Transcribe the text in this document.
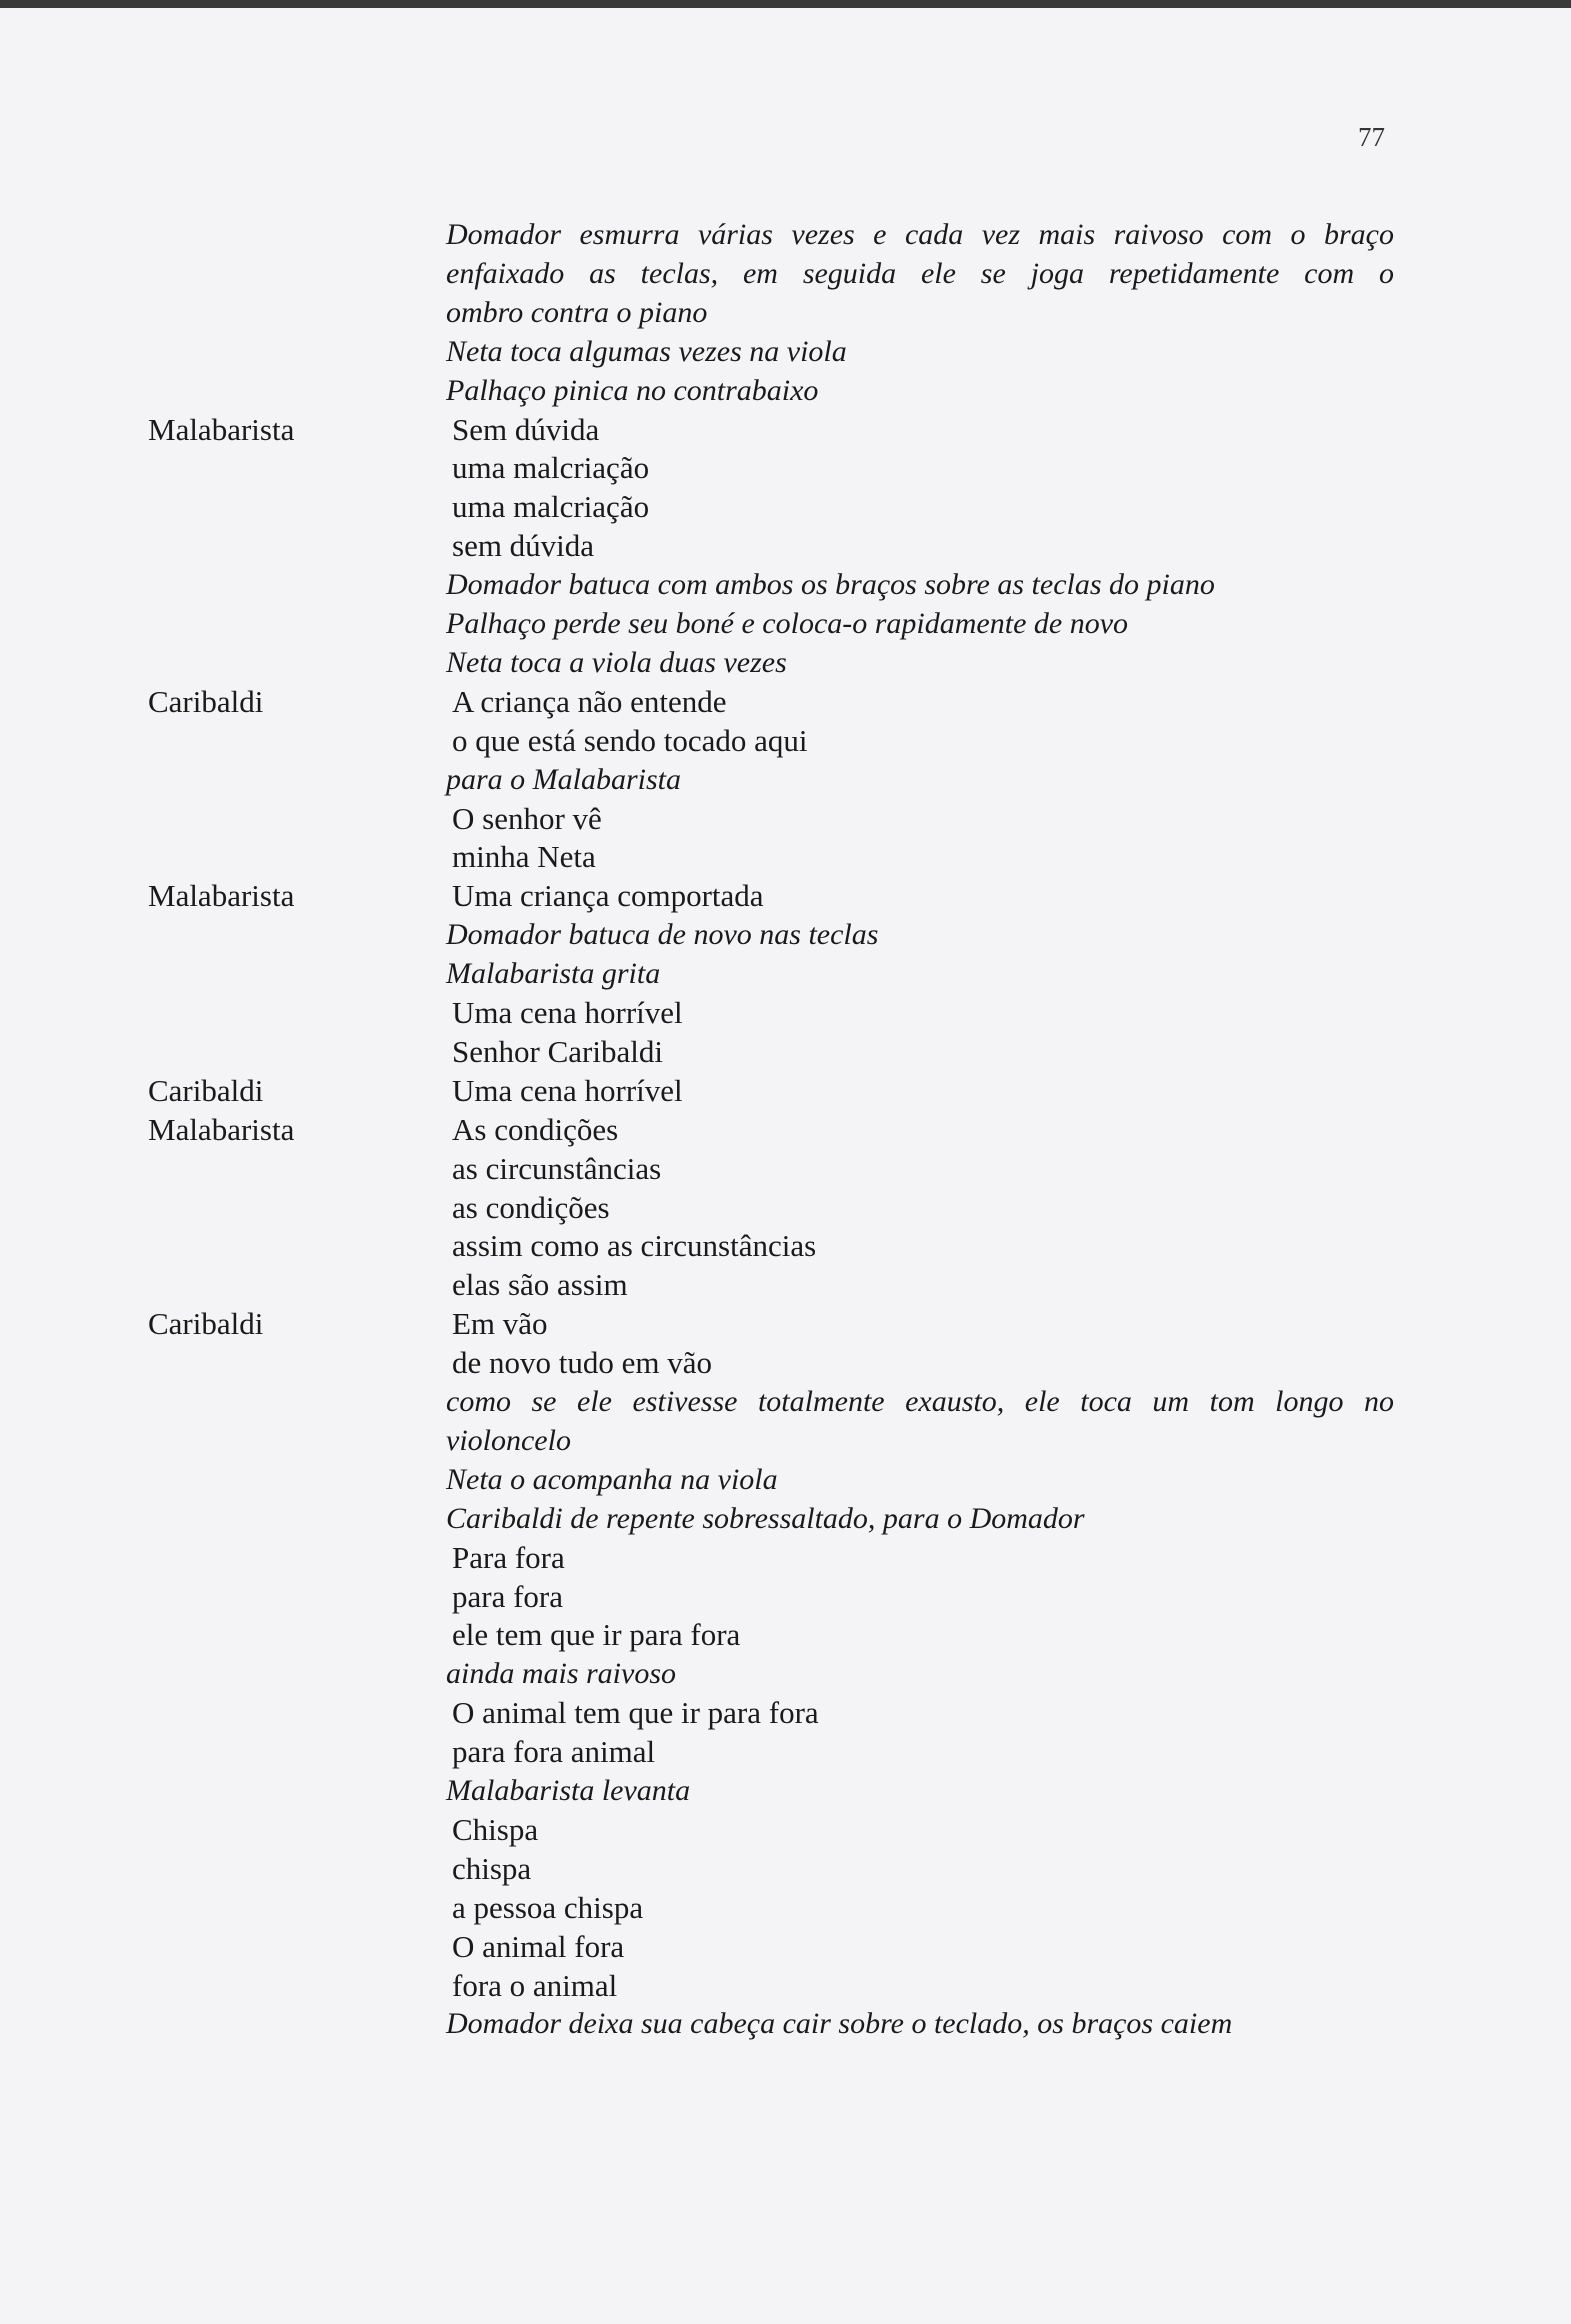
77
Domador esmurra várias vezes e cada vez mais raivoso com o braço
enfaixado as teclas, em seguida ele se joga repetidamente com o
ombro contra o piano
Neta toca algumas vezes na viola
Palhaço pinica no contrabaixo
Malabarista	Sem dúvida
uma malcriação
uma malcriação
sem dúvida
Domador batuca com ambos os braços sobre as teclas do piano
Palhaço perde seu boné e coloca-o rapidamente de novo
Neta toca a viola duas vezes
Caribaldi	A criança não entende
o que está sendo tocado aqui
para o Malabarista
O senhor vê
minha Neta
Malabarista	Uma criança comportada
Domador batuca de novo nas teclas
Malabarista grita
Uma cena horrível
Senhor Caribaldi
Caribaldi	Uma cena horrível
Malabarista	As condições
as circunstâncias
as condições
assim como as circunstâncias
elas são assim
Caribaldi	Em vão
de novo tudo em vão
como se ele estivesse totalmente exausto, ele toca um tom longo no
violoncelo
Neta o acompanha na viola
Caribaldi de repente sobressaltado, para o Domador
Para fora
para fora
ele tem que ir para fora
ainda mais raivoso
O animal tem que ir para fora
para fora animal
Malabarista levanta
Chispa
chispa
a pessoa chispa
O animal fora
fora o animal
Domador deixa sua cabeça cair sobre o teclado, os braços caiem
